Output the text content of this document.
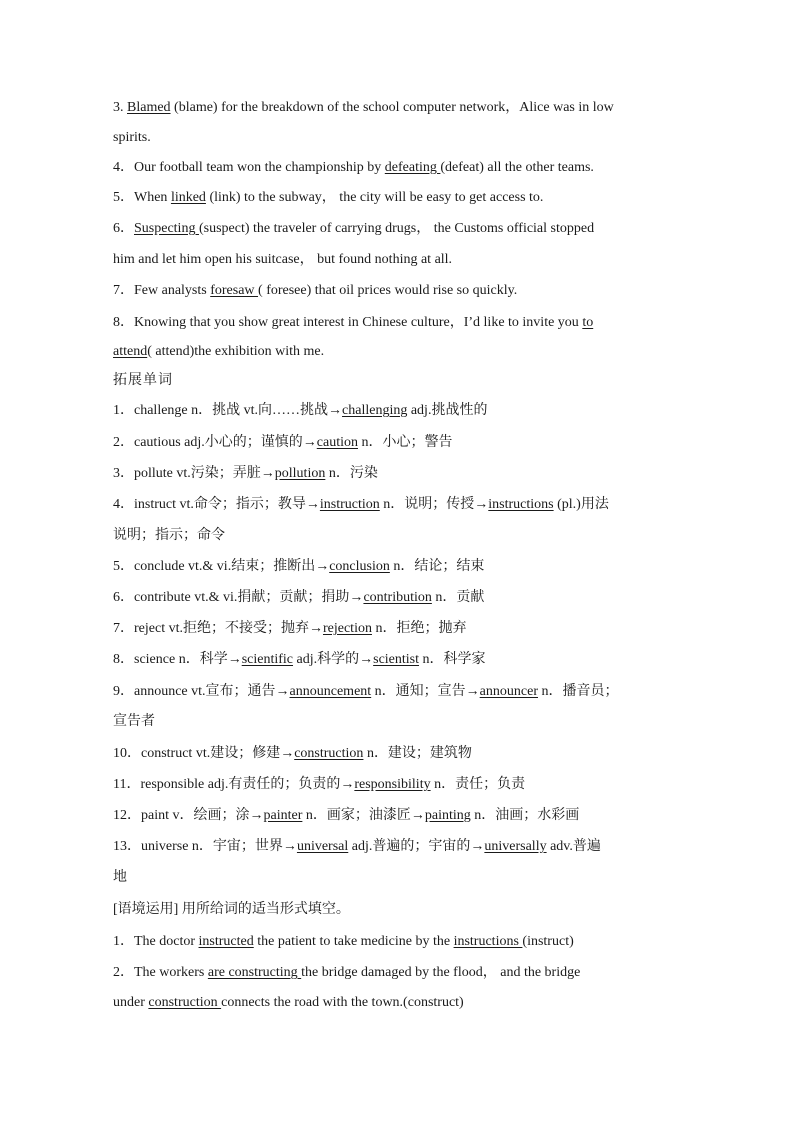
3. Blamed (blame) for the breakdown of the school computer network，Alice was in low
spirits.
4．Our football team won the championship by defeating (defeat) all the other teams.
5．When linked (link) to the subway， the city will be easy to get access to.
6．Suspecting (suspect) the traveler of carrying drugs， the Customs official stopped
him and let him open his suitcase， but found nothing at all.
7．Few analysts foresaw ( foresee) that oil prices would rise so quickly.
8．Knowing that you show great interest in Chinese culture，I’d like to invite you to
attend( attend)the exhibition with me.
拓展单词
1．challenge n．挑战 vt.向……挑战→challenging adj.挑战性的
2．cautious adj.小心的；谨慎的→caution n．小心；警告
3．pollute vt.污染；弄脏→pollution n．污染
4．instruct vt.命令；指示；教导→instruction n．说明；传授→instructions (pl.)用法
说明；指示；命令
5．conclude vt.& vi.结束；推断出→conclusion n．结论；结束
6．contribute vt.& vi.捐献；贡献；捐助→contribution n．贡献
7．reject vt.拒绝；不接受；抛弃→rejection n．拒绝；抛弃
8．science n．科学→scientific adj.科学的→scientist n．科学家
9．announce vt.宣布；通告→announcement n．通知；宣告→announcer n．播音员；
宣告者
10．construct vt.建设；修建→construction n．建设；建筑物
11．responsible adj.有责任的；负责的→responsibility n．责任；负责
12．paint v．绘画；涂→painter n．画家；油漆匠→painting n．油画；水彩画
13．universe n．宇宙；世界→universal adj.普遍的；宇宙的→universally adv.普遍
地
[语境运用] 用所给词的适当形式填空。
1．The doctor instructed the patient to take medicine by the instructions (instruct)
2．The workers are constructing the bridge damaged by the flood， and the bridge
under construction connects the road with the town.(construct)
